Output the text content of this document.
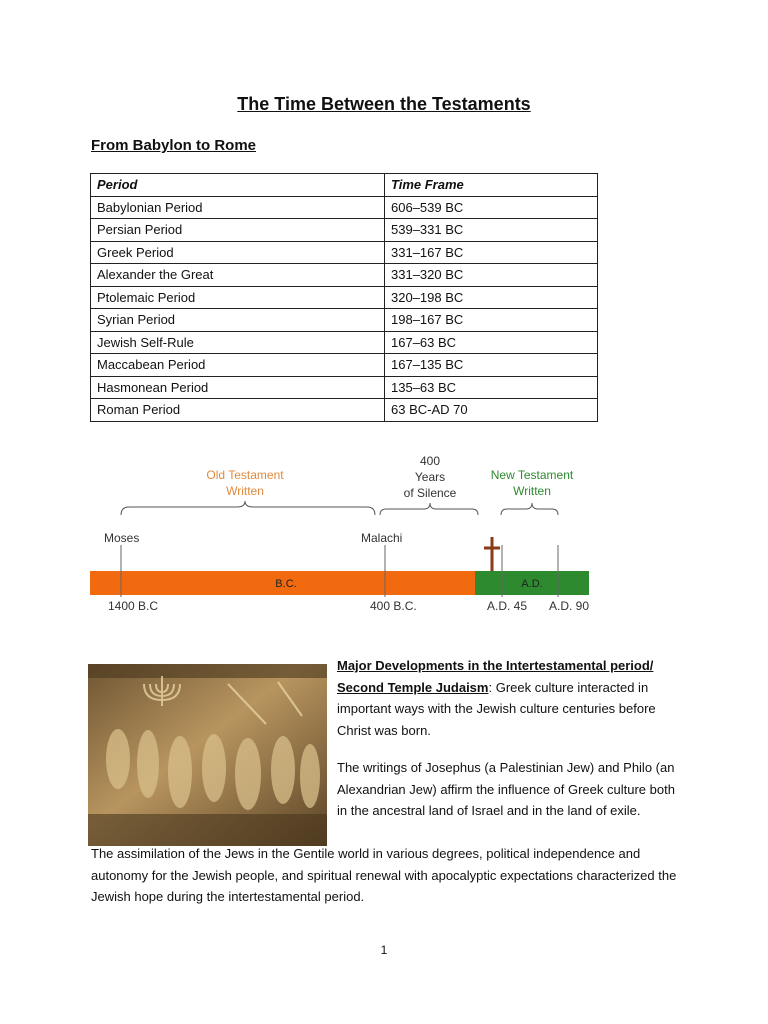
The Time Between the Testaments
From Babylon to Rome
Period	Time Frame
Babylonian Period	606–539 BC
Persian Period	539–331 BC
Greek Period	331–167 BC
Alexander the Great	331–320 BC
Ptolemaic Period	320–198 BC
Syrian Period	198–167 BC
Jewish Self-Rule	167–63 BC
Maccabean Period	167–135 BC
Hasmonean Period	135–63 BC
Roman Period	63 BC-AD 70
Old Testament
Written
400
Years
of Silence
New Testament
Written
Moses	Malachi
B.C.	A.D.
1400 B.C	400 B.C.	A.D. 45 A.D. 90
Major Developments in the Intertestamental period/
Second Temple Judaism: Greek culture interacted in important ways with the Jewish culture centuries before Christ was born.

The writings of Josephus (a Palestinian Jew) and Philo (an Alexandrian Jew) affirm the influence of Greek culture both in the ancestral land of Israel and in the land of exile.

The assimilation of the Jews in the Gentile world in various degrees, political independence and autonomy for the Jewish people, and spiritual renewal with apocalyptic expectations characterized the Jewish hope during the intertestamental period.

1
